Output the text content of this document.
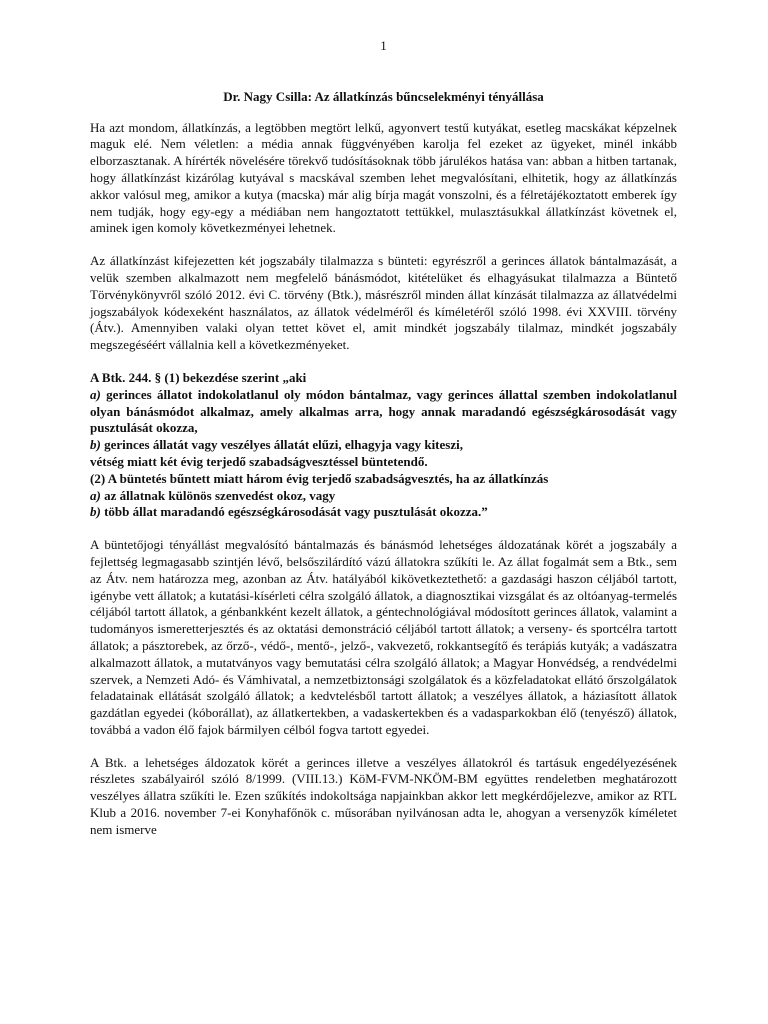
1
Dr. Nagy Csilla: Az állatkínzás bűncselekményi tényállása

Ha azt mondom, állatkínzás, a legtöbben megtört lelkű, agyonvert testű kutyákat, esetleg macskákat képzelnek maguk elé. Nem véletlen: a média annak függvényében karolja fel ezeket az ügyeket, minél inkább elborzasztanak. A hírérték növelésére törekvő tudósításoknak több járulékos hatása van: abban a hitben tartanak, hogy állatkínzást kizárólag kutyával s macskával szemben lehet megvalósítani, elhitetik, hogy az állatkínzás akkor valósul meg, amikor a kutya (macska) már alig bírja magát vonszolni, és a félretájékoztatott emberek így nem tudják, hogy egy-egy a médiában nem hangoztatott tettükkel, mulasztásukkal állatkínzást követnek el, aminek igen komoly következményei lehetnek.

Az állatkínzást kifejezetten két jogszabály tilalmazza s bünteti: egyrészről a gerinces állatok bántalmazását, a velük szemben alkalmazott nem megfelelő bánásmódot, kitételüket és elhagyásukat tilalmazza a Büntető Törvénykönyvről szóló 2012. évi C. törvény (Btk.), másrészről minden állat kínzását tilalmazza az állatvédelmi jogszabályok kódexeként használatos, az állatok védelméről és kíméletéről szóló 1998. évi XXVIII. törvény (Átv.). Amennyiben valaki olyan tettet követ el, amit mindkét jogszabály tilalmaz, mindkét jogszabály megszegéséért vállalnia kell a következményeket.

A Btk. 244. § (1) bekezdése szerint „aki

a) gerinces állatot indokolatlanul oly módon bántalmaz, vagy gerinces állattal szemben indokolatlanul olyan bánásmódot alkalmaz, amely alkalmas arra, hogy annak maradandó egészségkárosodását vagy pusztulását okozza,

b) gerinces állatát vagy veszélyes állatát elűzi, elhagyja vagy kiteszi,

vétség miatt két évig terjedő szabadságvesztéssel büntetendő.

(2) A büntetés bűntett miatt három évig terjedő szabadságvesztés, ha az állatkínzás

a) az állatnak különös szenvedést okoz, vagy

b) több állat maradandó egészségkárosodását vagy pusztulását okozza.”

A büntetőjogi tényállást megvalósító bántalmazás és bánásmód lehetséges áldozatának körét a jogszabály a fejlettség legmagasabb szintjén lévő, belsőszilárdító vázú állatokra szűkíti le. Az állat fogalmát sem a Btk., sem az Átv. nem határozza meg, azonban az Átv. hatályából kikövetkeztethető: a gazdasági haszon céljából tartott, igénybe vett állatok; a kutatási-kísérleti célra szolgáló állatok, a diagnosztikai vizsgálat és az oltóanyag-termelés céljából tartott állatok, a génbankként kezelt állatok, a géntechnológiával módosított gerinces állatok, valamint a tudományos ismeretterjesztés és az oktatási demonstráció céljából tartott állatok; a verseny- és sportcélra tartott állatok; a pásztorebek, az őrző-, védő-, mentő-, jelző-, vakvezető, rokkantsegítő és terápiás kutyák; a vadászatra alkalmazott állatok, a mutatványos vagy bemutatási célra szolgáló állatok; a Magyar Honvédség, a rendvédelmi szervek, a Nemzeti Adó- és Vámhivatal, a nemzetbiztonsági szolgálatok és a közfeladatokat ellátó őrszolgálatok feladatainak ellátását szolgáló állatok; a kedvtelésből tartott állatok; a veszélyes állatok, a háziasított állatok gazdátlan egyedei (kóborállat), az állatkertekben, a vadaskertekben és a vadasparkokban élő (tenyésző) állatok, továbbá a vadon élő fajok bármilyen célból fogva tartott egyedei.

A Btk. a lehetséges áldozatok körét a gerinces illetve a veszélyes állatokról és tartásuk engedélyezésének részletes szabályairól szóló 8/1999. (VIII.13.) KöM-FVM-NKÖM-BM együttes rendeletben meghatározott veszélyes állatra szűkíti le. Ezen szűkítés indokoltsága napjainkban akkor lett megkérdőjelezve, amikor az RTL Klub a 2016. november 7-ei Konyhafőnök c. műsorában nyilvánosan adta le, ahogyan a versenyzők kíméletet nem ismerve
